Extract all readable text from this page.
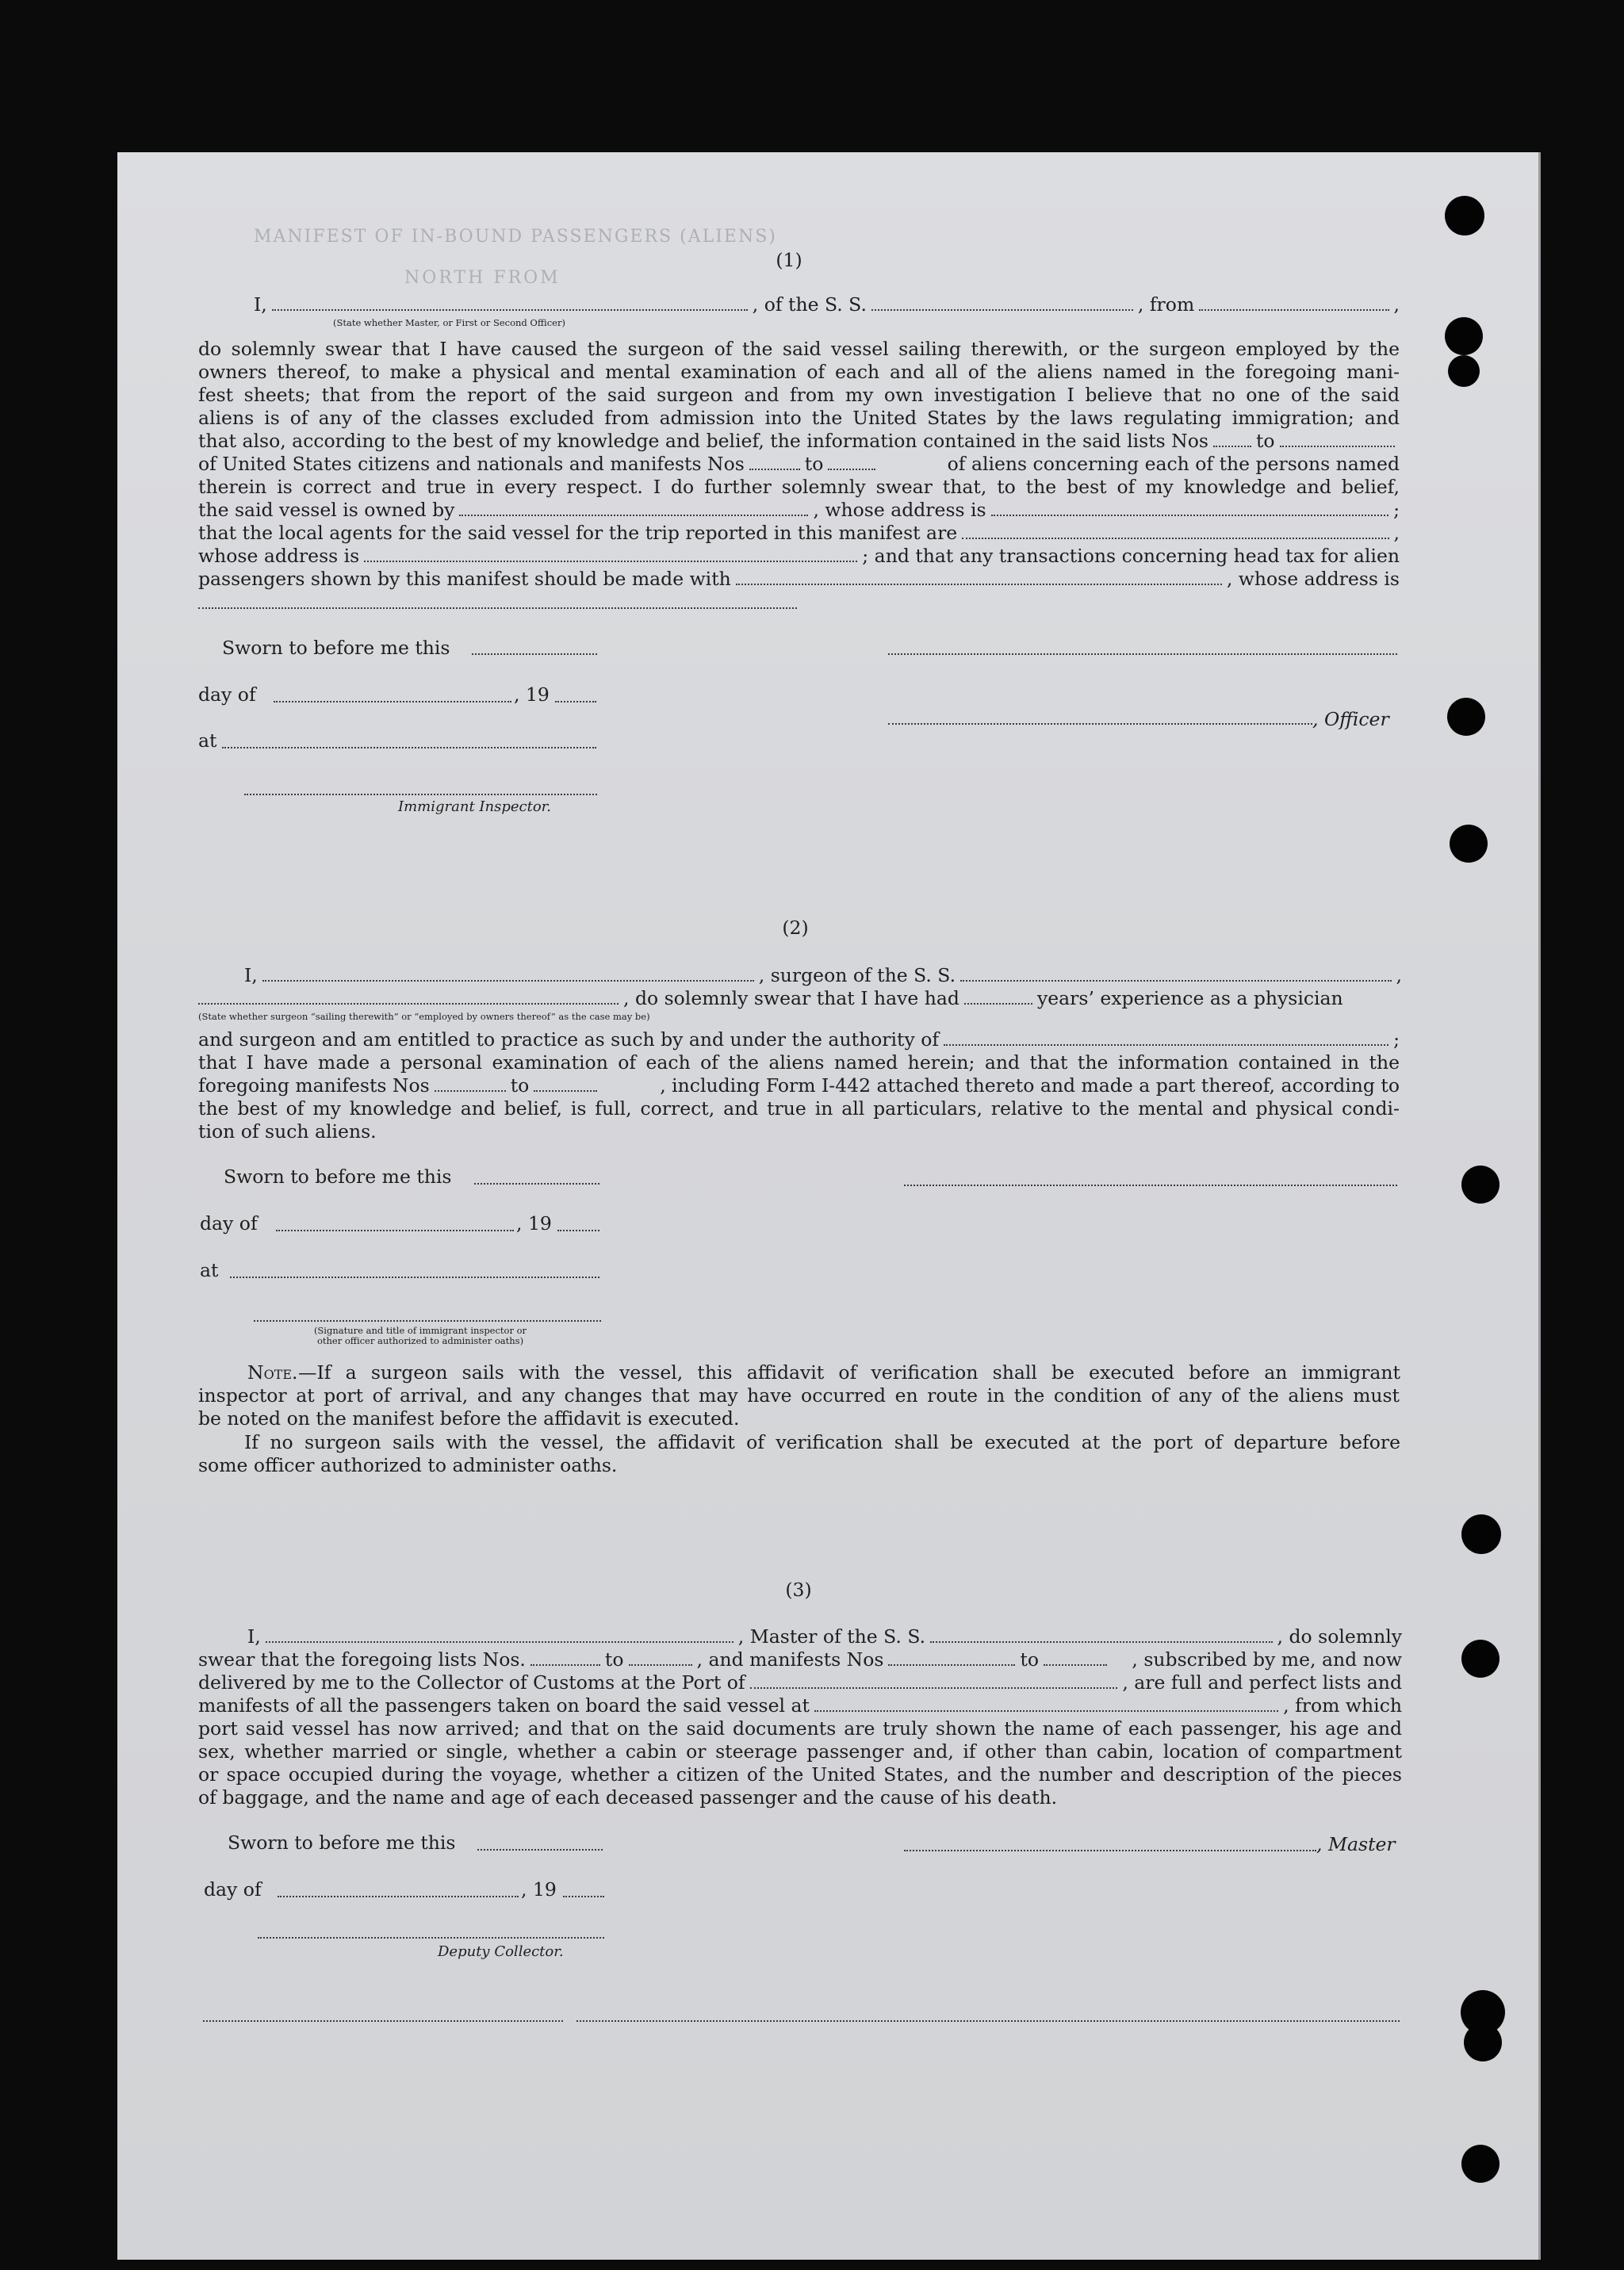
MANIFEST OF IN-BOUND PASSENGERS (ALIENS)
NORTH FROM
(1)
I,	, of the S. S.	, from	,
(State whether Master, or First or Second Officer)
do solemnly swear that I have caused the surgeon of the said vessel sailing therewith, or the surgeon employed by the
owners thereof, to make a physical and mental examination of each and all of the aliens named in the foregoing mani-
fest sheets; that from the report of the said surgeon and from my own investigation I believe that no one of the said
aliens is of any of the classes excluded from admission into the United States by the laws regulating immigration; and
that also, according to the best of my knowledge and belief, the information contained in the said lists Nos	to
of United States citizens and nationals and manifests Nos	to	of aliens concerning each of the persons named
therein is correct and true in every respect. I do further solemnly swear that, to the best of my knowledge and belief,
the said vessel is owned by	, whose address is	;
that the local agents for the said vessel for the trip reported in this manifest are	,
whose address is	; and that any transactions concerning head tax for alien
passengers shown by this manifest should be made with	, whose address is
Sworn to before me this
day of	, 19
, Officer
at
Immigrant Inspector.
(2)
I,	, surgeon of the S. S.	,
, do solemnly swear that I have had	years’ experience as a physician
(State whether surgeon “sailing therewith” or “employed by owners thereof” as the case may be)
and surgeon and am entitled to practice as such by and under the authority of	;
that I have made a personal examination of each of the aliens named herein; and that the information contained in the
foregoing manifests Nos	to	, including Form I-442 attached thereto and made a part thereof, according to
the best of my knowledge and belief, is full, correct, and true in all particulars, relative to the mental and physical condi-
tion of such aliens.
Sworn to before me this
day of	, 19
at
(Signature and title of immigrant inspector or
other officer authorized to administer oaths)
Note. —If a surgeon sails with the vessel, this affidavit of verification shall be executed before an immigrant
inspector at port of arrival, and any changes that may have occurred en route in the condition of any of the aliens must
be noted on the manifest before the affidavit is executed.
If no surgeon sails with the vessel, the affidavit of verification shall be executed at the port of departure before
some officer authorized to administer oaths.
(3)
I,	, Master of the S. S.	, do solemnly
swear that the foregoing lists Nos.	to	, and manifests Nos	to	, subscribed by me, and now
delivered by me to the Collector of Customs at the Port of	, are full and perfect lists and
manifests of all the passengers taken on board the said vessel at	, from which
port said vessel has now arrived; and that on the said documents are truly shown the name of each passenger, his age and
sex, whether married or single, whether a cabin or steerage passenger and, if other than cabin, location of compartment
or space occupied during the voyage, whether a citizen of the United States, and the number and description of the pieces
of baggage, and the name and age of each deceased passenger and the cause of his death.
Sworn to before me this	, Master
day of	, 19
Deputy Collector.
